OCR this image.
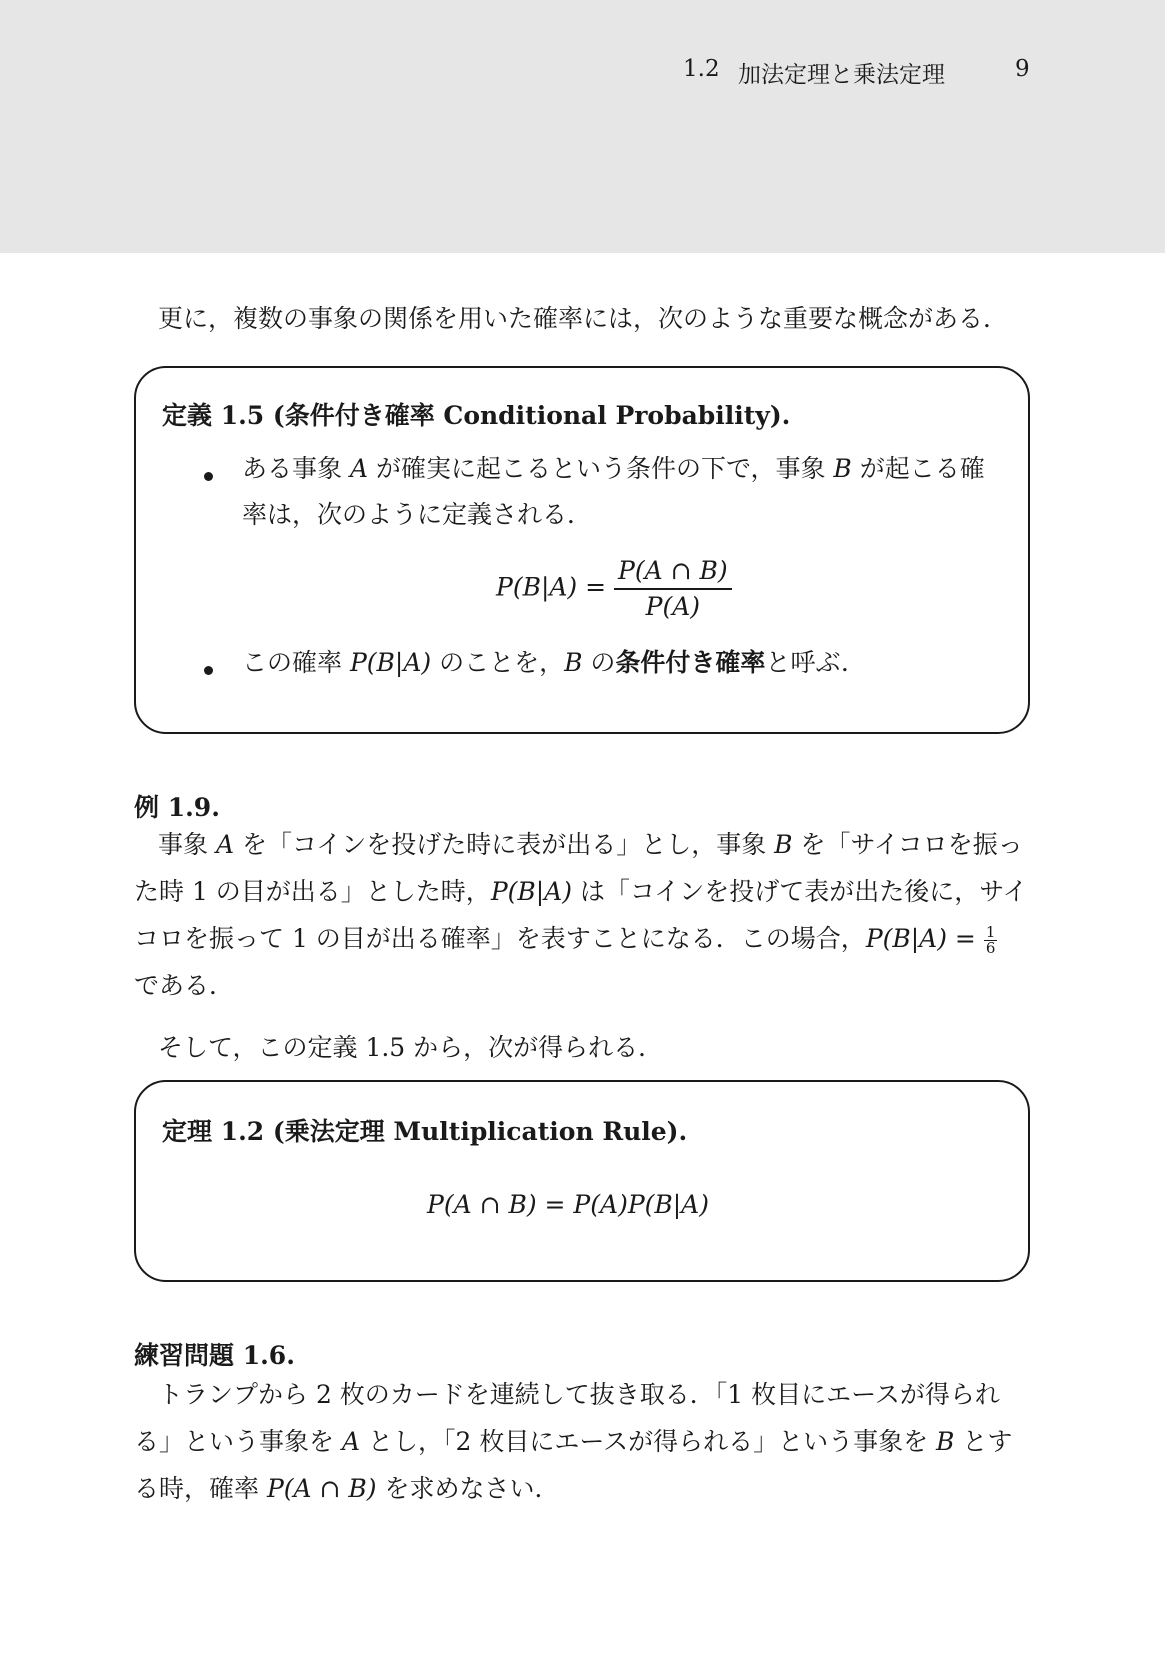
1.2 加法定理と乗法定理	9
更に，複数の事象の関係を用いた確率には，次のような重要な概念がある．
定義 1.5 (条件付き確率 Conditional Probability).
ある事象 A が確実に起こるという条件の下で，事象 B が起こる確
率は，次のように定義される．
$P(B|A) = \frac{P(A \cap B)}{P(A)}$
この確率 P(B|A) のことを，B の条件付き確率と呼ぶ．
例 1.9.
事象 A を「コインを投げた時に表が出る」とし，事象 B を「サイコロを振っ
た時 1 の目が出る」とした時，P(B|A) は「コインを投げて表が出た後に，サイ
コロを振って 1 の目が出る確率」を表すことになる．この場合，$P(B|A) = \frac{1}{6}$
である．
そして，この定義 1.5 から，次が得られる．
定理 1.2 (乗法定理 Multiplication Rule).
P(A ∩ B) = P(A)P(B|A)
練習問題 1.6.
トランプから 2 枚のカードを連続して抜き取る．「1 枚目にエースが得られ
る」という事象を A とし，「2 枚目にエースが得られる」という事象を B とす
る時，確率 P(A ∩ B) を求めなさい．
